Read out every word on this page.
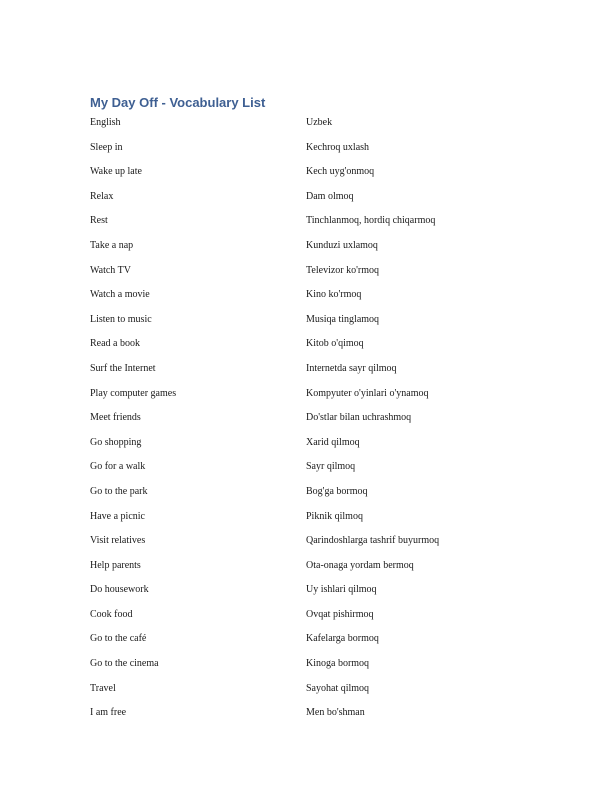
My Day Off - Vocabulary List
English	Uzbek
Sleep in	Kechroq uxlash
Wake up late	Kech uyg'onmoq
Relax	Dam olmoq
Rest	Tinchlanmoq, hordiq chiqarmoq
Take a nap	Kunduzi uxlamoq
Watch TV	Televizor ko'rmoq
Watch a movie	Kino ko'rmoq
Listen to music	Musiqa tinglamoq
Read a book	Kitob o'qimoq
Surf the Internet	Internetda sayr qilmoq
Play computer games	Kompyuter o'yinlari o'ynamoq
Meet friends	Do'stlar bilan uchrashmoq
Go shopping	Xarid qilmoq
Go for a walk	Sayr qilmoq
Go to the park	Bog'ga bormoq
Have a picnic	Piknik qilmoq
Visit relatives	Qarindoshlarga tashrif buyurmoq
Help parents	Ota-onaga yordam bermoq
Do housework	Uy ishlari qilmoq
Cook food	Ovqat pishirmoq
Go to the café	Kafelarga bormoq
Go to the cinema	Kinoga bormoq
Travel	Sayohat qilmoq
I am free	Men bo'shman
